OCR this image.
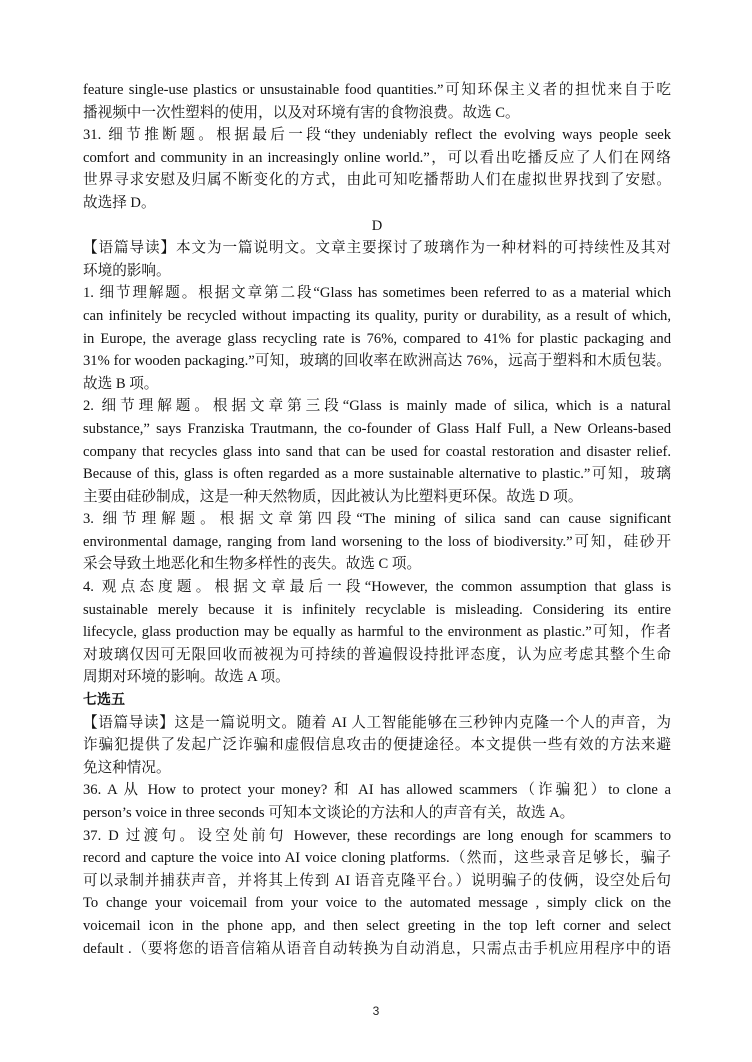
feature single-use plastics or unsustainable food quantities.”可知环保主义者的担忧来自于吃
播视频中一次性塑料的使用，以及对环境有害的食物浪费。故选 C。
31. 细节推断题。根据最后一段“they undeniably reflect the evolving ways people seek
comfort and community in an increasingly online world.”，可以看出吃播反应了人们在网络
世界寻求安慰及归属不断变化的方式，由此可知吃播帮助人们在虚拟世界找到了安慰。
故选择 D。
D
【语篇导读】本文为一篇说明文。文章主要探讨了玻璃作为一种材料的可持续性及其对
环境的影响。
1. 细节理解题。根据文章第二段“Glass has sometimes been referred to as a material which
can infinitely be recycled without impacting its quality, purity or durability, as a result of which,
in Europe, the average glass recycling rate is 76%, compared to 41% for plastic packaging and
31% for wooden packaging.”可知，玻璃的回收率在欧洲高达 76%，远高于塑料和木质包装。
故选 B 项。
2. 细节理解题。根据文章第三段“Glass is mainly made of silica, which is a natural
substance,” says Franziska Trautmann, the co-founder of Glass Half Full, a New Orleans-based
company that recycles glass into sand that can be used for coastal restoration and disaster relief.
Because of this, glass is often regarded as a more sustainable alternative to plastic.”可知，玻璃
主要由硅砂制成，这是一种天然物质，因此被认为比塑料更环保。故选 D 项。
3. 细节理解题。根据文章第四段“The mining of silica sand can cause significant
environmental damage, ranging from land worsening to the loss of biodiversity.”可知，硅砂开
采会导致土地恶化和生物多样性的丧失。故选 C 项。
4. 观点态度题。根据文章最后一段“However, the common assumption that glass is
sustainable merely because it is infinitely recyclable is misleading. Considering its entire
lifecycle, glass production may be equally as harmful to the environment as plastic.”可知，作者
对玻璃仅因可无限回收而被视为可持续的普遍假设持批评态度，认为应考虑其整个生命
周期对环境的影响。故选 A 项。
七选五
【语篇导读】这是一篇说明文。随着 AI 人工智能能够在三秒钟内克隆一个人的声音，为
诈骗犯提供了发起广泛诈骗和虚假信息攻击的便捷途径。本文提供一些有效的方法来避
免这种情况。
36. A 从 How to protect your money? 和 AI has allowed scammers（诈骗犯）to clone a
person’s voice in three seconds 可知本文谈论的方法和人的声音有关，故选 A。
37. D 过渡句。设空处前句 However, these recordings are long enough for scammers to
record and capture the voice into AI voice cloning platforms.（然而，这些录音足够长，骗子
可以录制并捕获声音，并将其上传到 AI 语音克隆平台。）说明骗子的伎俩，设空处后句
To change your voicemail from your voice to the automated message , simply click on the
voicemail icon in the phone app, and then select greeting in the top left corner and select
default .（要将您的语音信箱从语音自动转换为自动消息，只需点击手机应用程序中的语
3
